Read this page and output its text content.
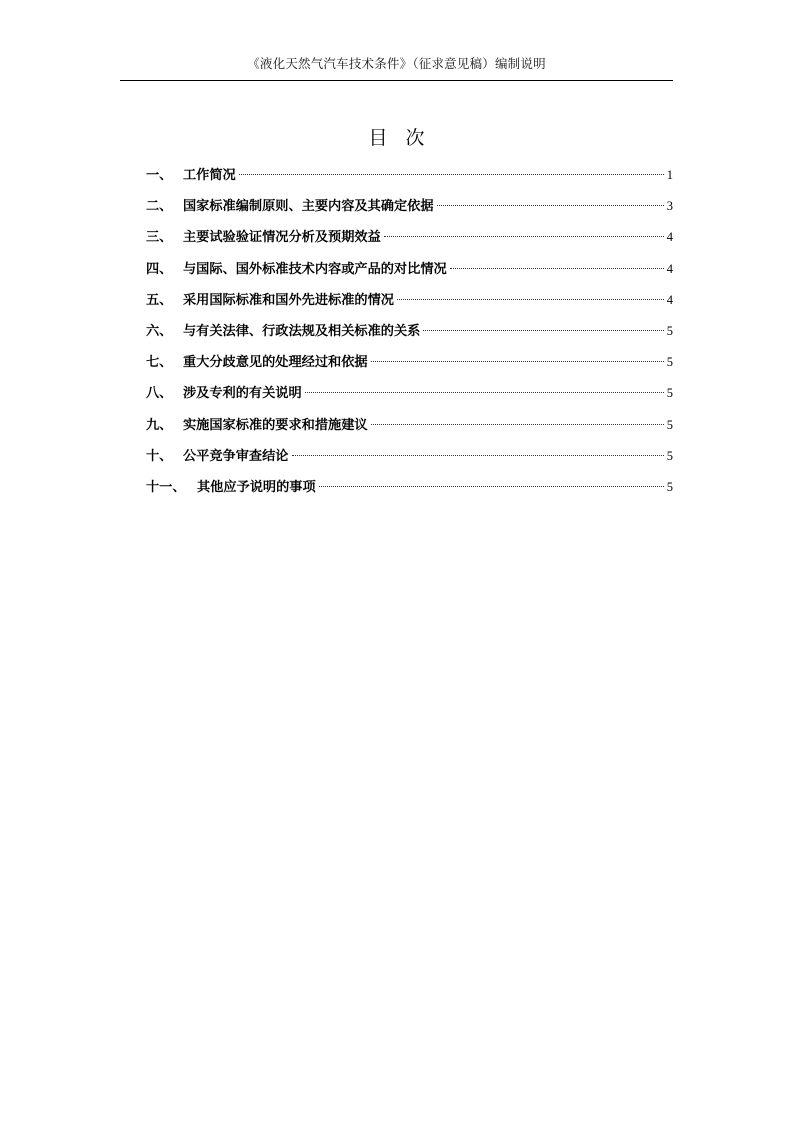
《液化天然气汽车技术条件》（征求意见稿）编制说明
目次
一、 工作简况	1
二、 国家标准编制原则、主要内容及其确定依据	3
三、 主要试验验证情况分析及预期效益	4
四、 与国际、国外标准技术内容或产品的对比情况	4
五、 采用国际标准和国外先进标准的情况	4
六、 与有关法律、行政法规及相关标准的关系	5
七、 重大分歧意见的处理经过和依据	5
八、 涉及专利的有关说明	5
九、 实施国家标准的要求和措施建议	5
十、 公平竞争审查结论	5
十一、 其他应予说明的事项	5
